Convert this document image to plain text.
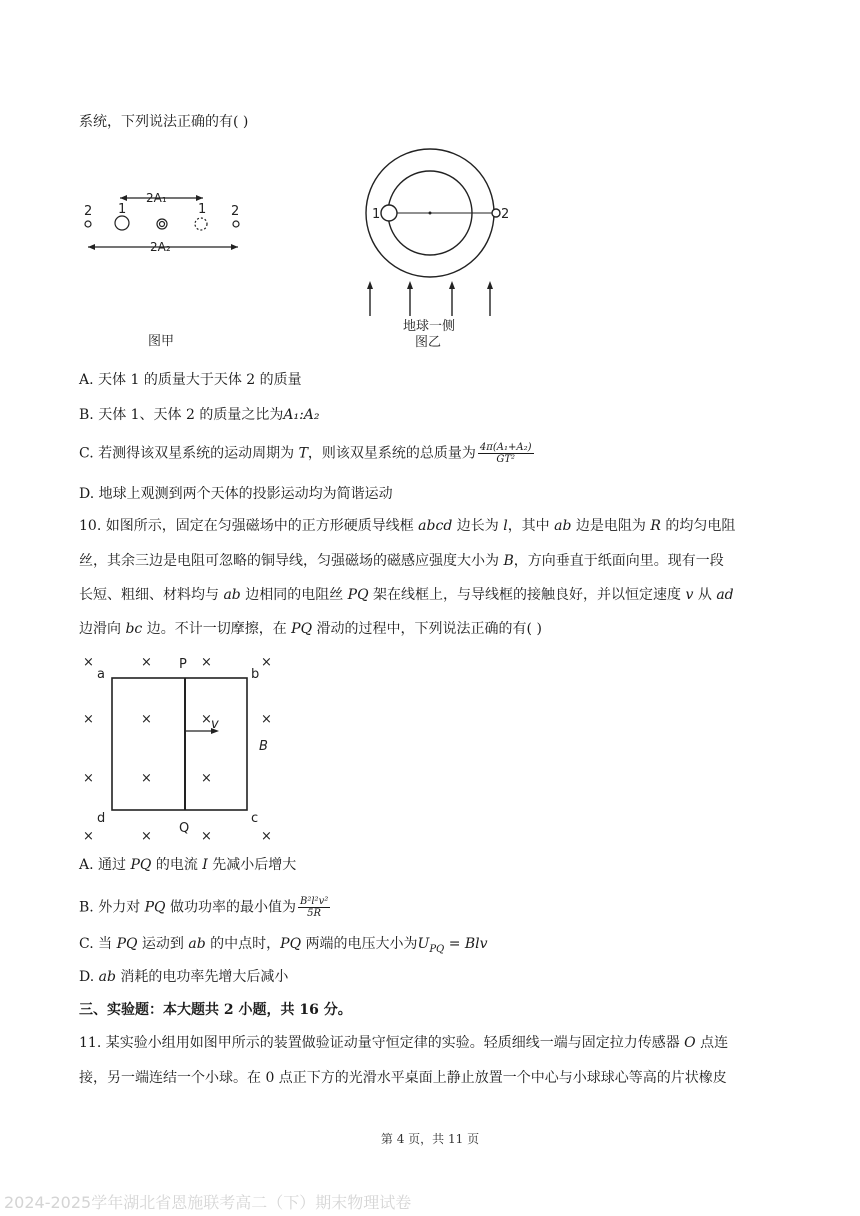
系统，下列说法正确的有( )
2 1	1 2
2A₁
2A₂
图甲
1	2
地球一侧
图乙
A. 天体 1 的质量大于天体 2 的质量
B. 天体 1、天体 2 的质量之比为A₁:A₂
C. 若测得该双星系统的运动周期为 T，则该双星系统的总质量为 $\frac{\text{4π(A₁+A₂)}}{\text{GT²}}$
D. 地球上观测到两个天体的投影运动均为简谐运动
10. 如图所示，固定在匀强磁场中的正方形硬质导线框 abcd 边长为 l，其中 ab 边是电阻为 R 的均匀电阻
丝，其余三边是电阻可忽略的铜导线，匀强磁场的磁感应强度大小为 B，方向垂直于纸面向里。现有一段
长短、粗细、材料均与 ab 边相同的电阻丝 PQ 架在线框上，与导线框的接触良好，并以恒定速度 v 从 ad
边滑向 bc 边。不计一切摩擦，在 PQ 滑动的过程中，下列说法正确的有( )
×	×	×	×
×	×	×	×
×	×	×
×	×	×	×
a	b
c
d
P
Q
v
B
A. 通过 PQ 的电流 I 先减小后增大
B. 外力对 PQ 做功功率的最小值为 $\frac{\text{B²l²v²}}{5R}$
C. 当 PQ 运动到 ab 的中点时，PQ 两端的电压大小为$U_{PQ}$ = Blv
D. ab 消耗的电功率先增大后减小
三、实验题：本大题共 2 小题，共 16 分。
11. 某实验小组用如图甲所示的装置做验证动量守恒定律的实验。轻质细线一端与固定拉力传感器 O 点连
接，另一端连结一个小球。在 0 点正下方的光滑水平桌面上静止放置一个中心与小球球心等高的片状橡皮
第 4 页，共 11 页
2024-2025学年湖北省恩施联考高二（下）期末物理试卷
